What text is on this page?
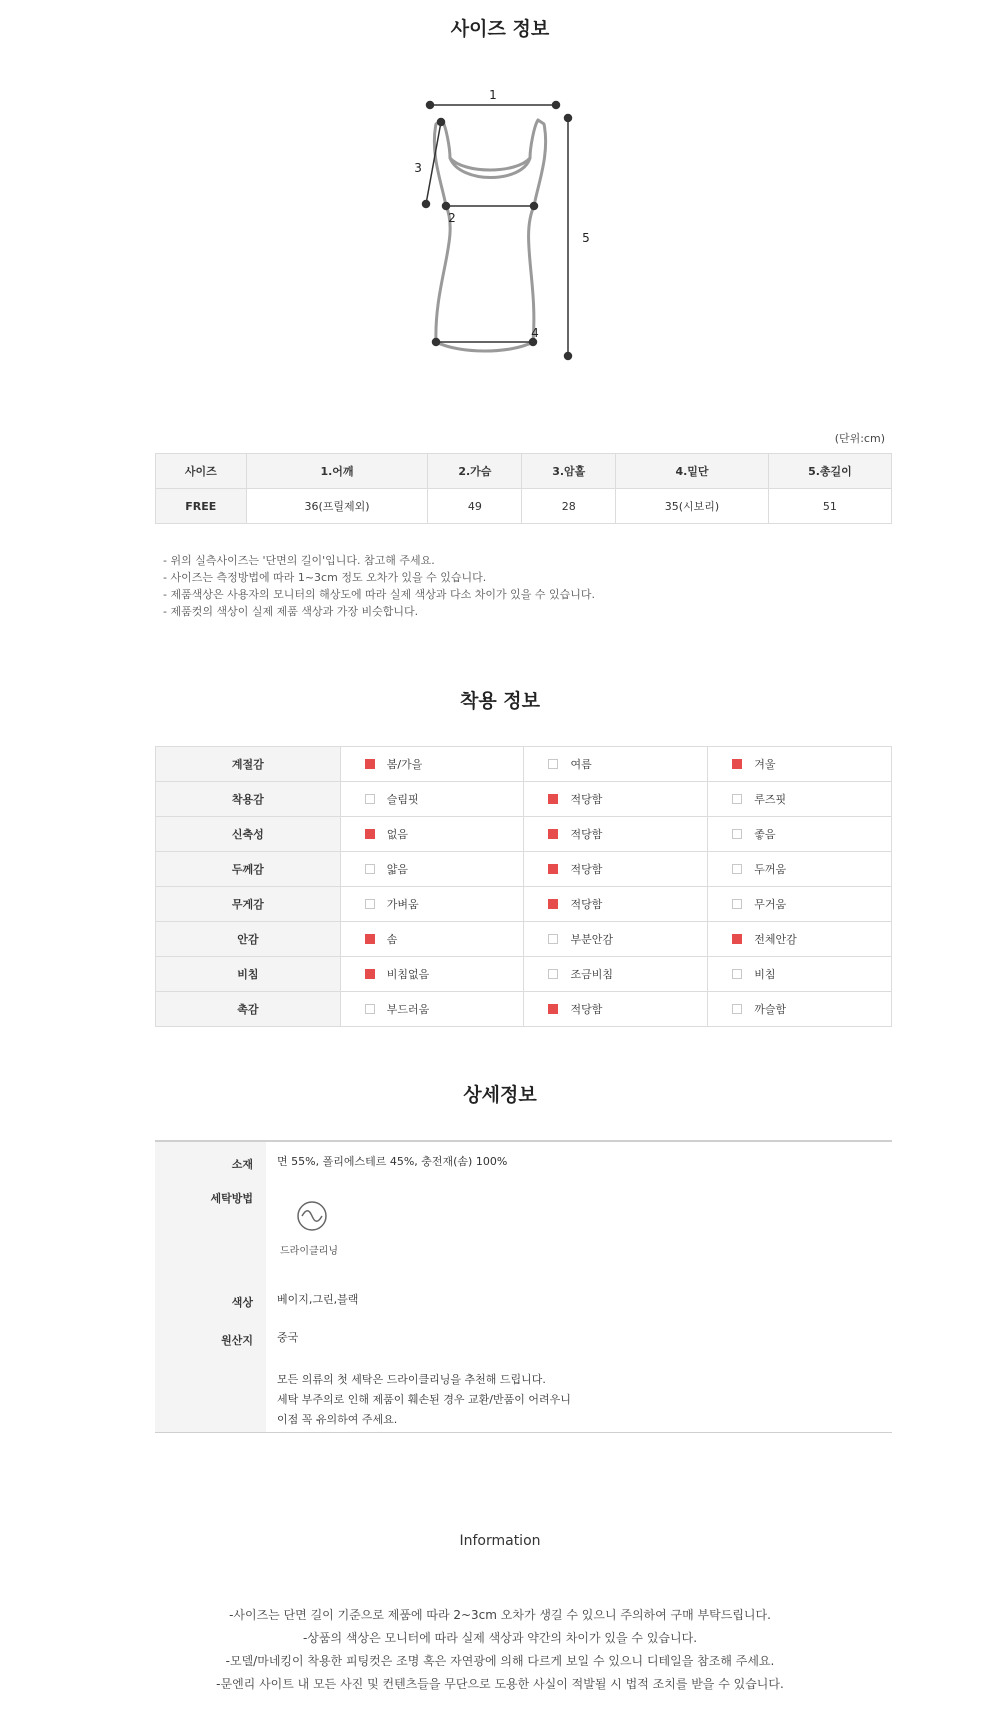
사이즈 정보
1
2
3
4
5
(단위:cm)
사이즈	1.어깨	2.가슴	3.암홀	4.밑단	5.총길이
FREE	36(프릴제외)	49	28	35(시보리)	51
- 위의 실측사이즈는 '단면의 길이'입니다. 참고해 주세요.
- 사이즈는 측정방법에 따라 1~3cm 정도 오차가 있을 수 있습니다.
- 제품색상은 사용자의 모니터의 해상도에 따라 실제 색상과 다소 차이가 있을 수 있습니다.
- 제품컷의 색상이 실제 제품 색상과 가장 비슷합니다.
착용 정보
계절감	봄/가을	여름	겨울
착용감	슬림핏	적당함	루즈핏
신축성	없음	적당함	좋음
두께감	얇음	적당함	두꺼움
무게감	가벼움	적당함	무거움
안감	솜	부분안감	전체안감
비침	비침없음	조금비침	비침
촉감	부드러움	적당함	까슬함
상세정보
소재 면 55%, 폴리에스테르 45%, 충전재(솜) 100%
세탁방법
드라이클리닝
색상 베이지,그린,블랙
원산지 중국
모든 의류의 첫 세탁은 드라이클리닝을 추천해 드립니다.
세탁 부주의로 인해 제품이 훼손된 경우 교환/반품이 어려우니
이점 꼭 유의하여 주세요.
Information
-사이즈는 단면 길이 기준으로 제품에 따라 2~3cm 오차가 생길 수 있으니 주의하여 구매 부탁드립니다.
-상품의 색상은 모니터에 따라 실제 색상과 약간의 차이가 있을 수 있습니다.
-모델/마네킹이 착용한 피팅컷은 조명 혹은 자연광에 의해 다르게 보일 수 있으니 디테일을 참조해 주세요.
-문엔리 사이트 내 모든 사진 및 컨텐츠들을 무단으로 도용한 사실이 적발될 시 법적 조치를 받을 수 있습니다.
